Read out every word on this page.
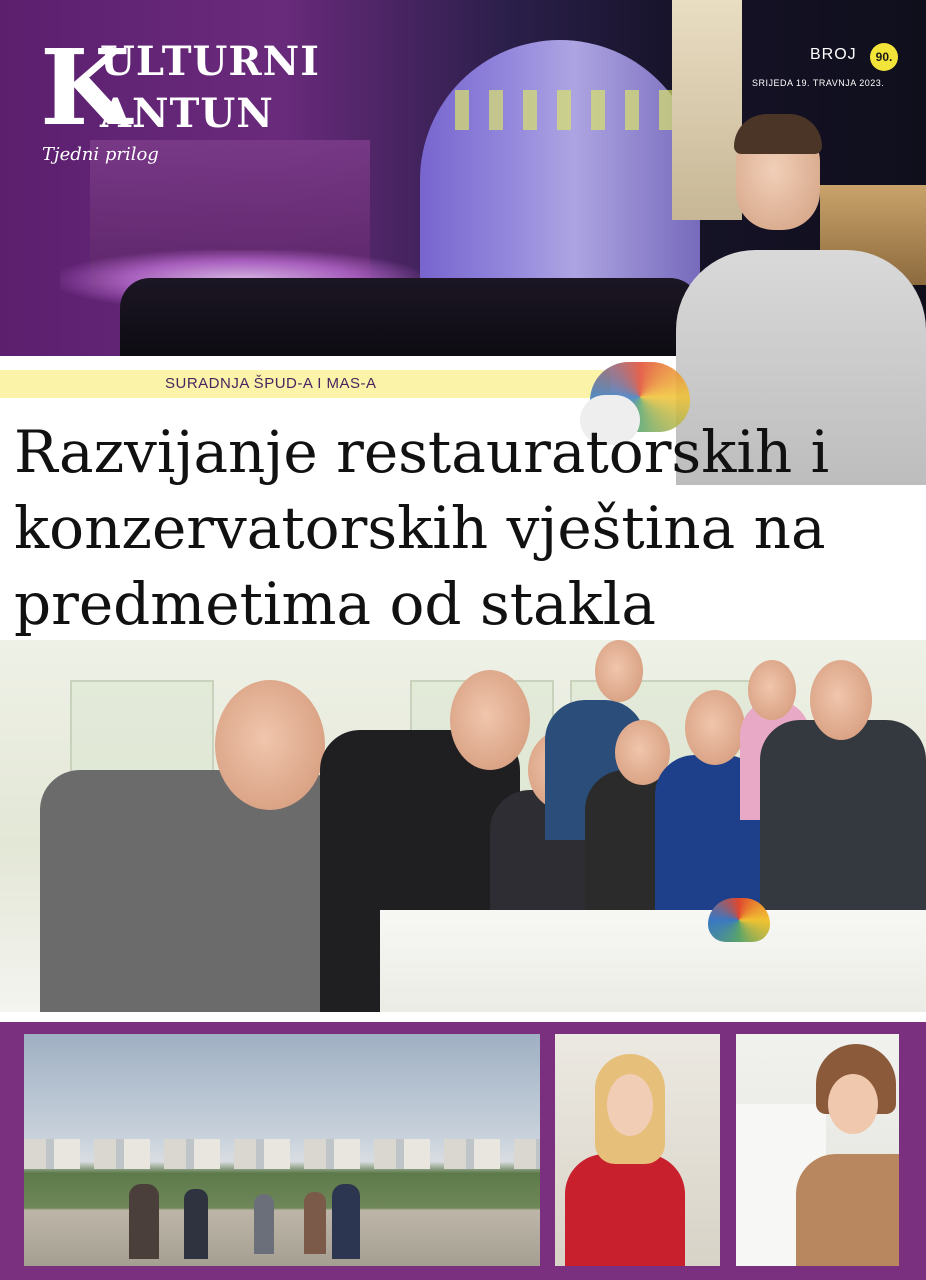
K
ULTURNI
ANTUN
Tjedni prilog
BROJ	90.
SRIJEDA 19. TRAVNJA 2023.
SURADNJA ŠPUD-A I MAS-A
Razvijanje restauratorskih i konzervatorskih vještina na predmetima od stakla
